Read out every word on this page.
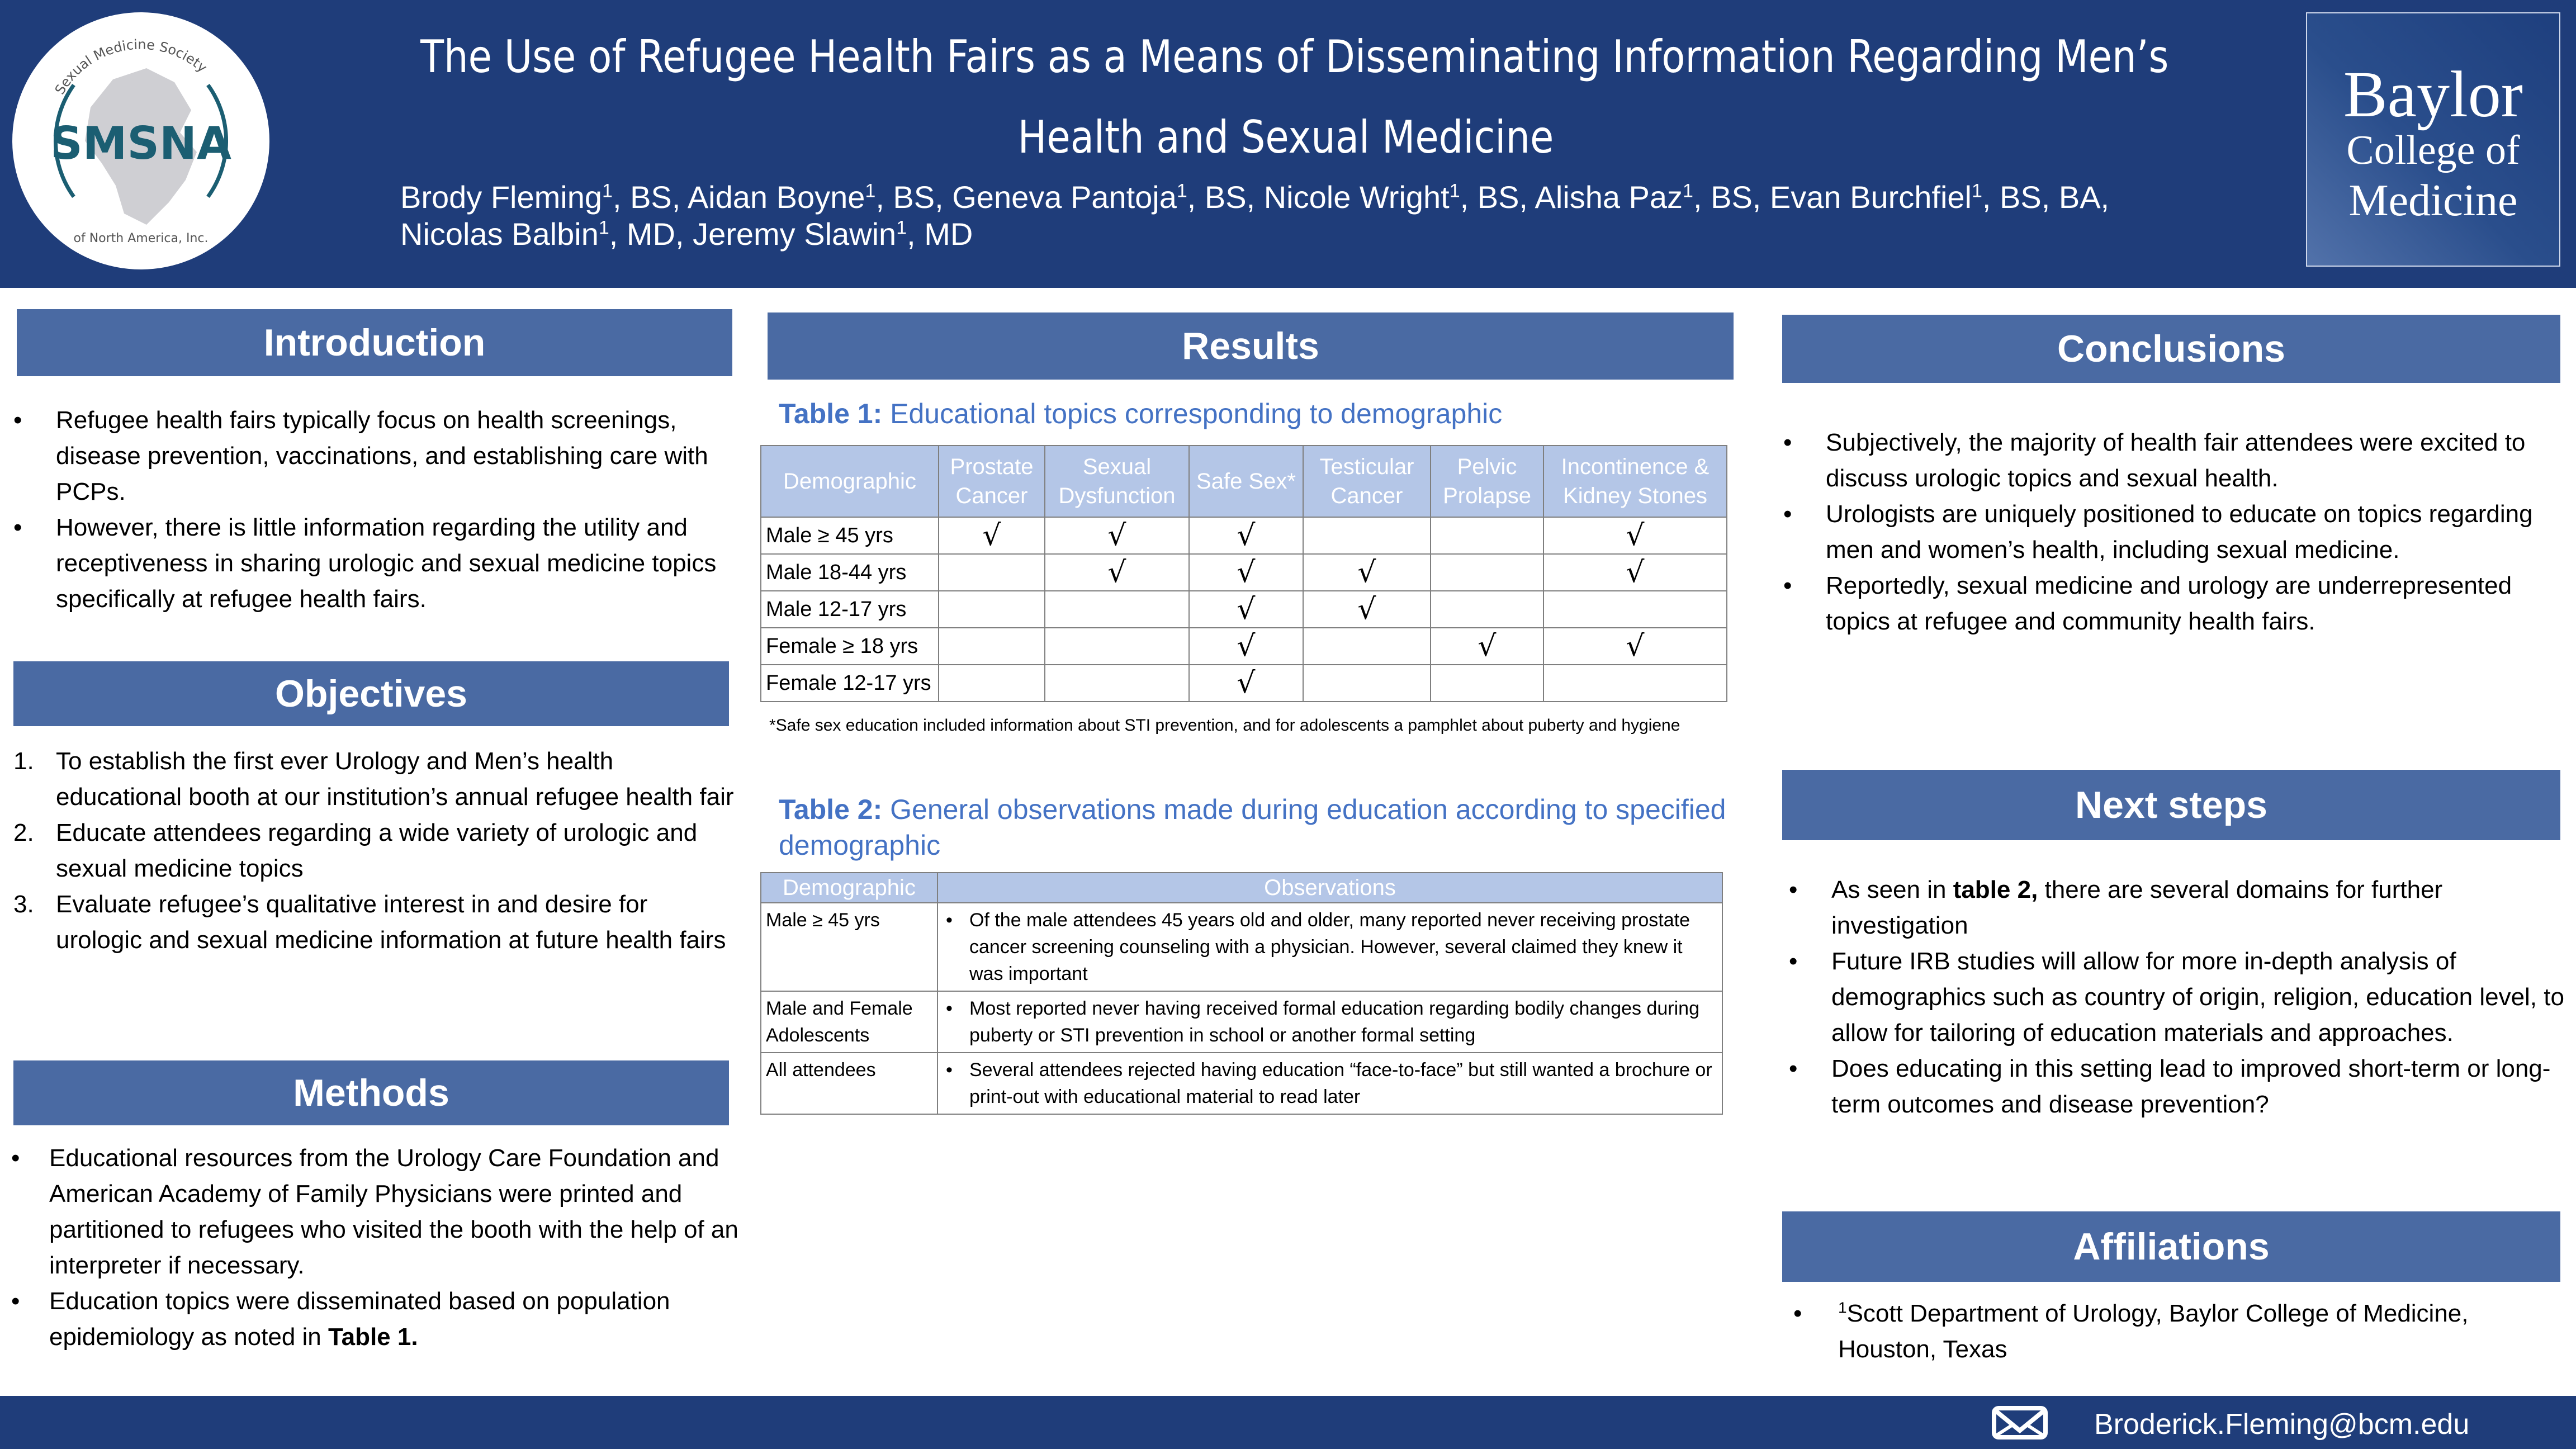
Sexual Medicine Society
SMSNA
of North America, Inc.
The Use of Refugee Health Fairs as a Means of Disseminating Information Regarding Men’s
Health and Sexual Medicine
Brody Fleming$^1$, BS, Aidan Boyne$^1$, BS, Geneva Pantoja$^1$, BS, Nicole Wright$^1$, BS, Alisha Paz$^1$, BS, Evan Burchfiel$^1$, BS, BA,
Nicolas Balbin$^1$, MD, Jeremy Slawin$^1$, MD
Baylor
College of
Medicine
Introduction
• Refugee health fairs typically focus on health screenings, disease prevention, vaccinations, and establishing care with PCPs.
• However, there is little information regarding the utility and receptiveness in sharing urologic and sexual medicine topics specifically at refugee health fairs.
Objectives
1. To establish the first ever Urology and Men’s health educational booth at our institution’s annual refugee health fair
2. Educate attendees regarding a wide variety of urologic and sexual medicine topics
3. Evaluate refugee’s qualitative interest in and desire for urologic and sexual medicine information at future health fairs
Methods
• Educational resources from the Urology Care Foundation and American Academy of Family Physicians were printed and partitioned to refugees who visited the booth with the help of an interpreter if necessary.
• Education topics were disseminated based on population epidemiology as noted in Table 1.
Results
Table 1: Educational topics corresponding to demographic
Demographic	Prostate Cancer	Sexual Dysfunction	Safe Sex*	Testicular Cancer	Pelvic Prolapse	Incontinence & Kidney Stones
Male ≥ 45 yrs	√	√	√			√
Male 18-44 yrs		√	√	√		√
Male 12-17 yrs			√	√		
Female ≥ 18 yrs			√		√	√
Female 12-17 yrs			√			
*Safe sex education included information about STI prevention, and for adolescents a pamphlet about puberty and hygiene
Table 2: General observations made during education according to specified demographic
Demographic	Observations
Male ≥ 45 yrs	• Of the male attendees 45 years old and older, many reported never receiving prostate cancer screening counseling with a physician. However, several claimed they knew it was important
Male and Female Adolescents	• Most reported never having received formal education regarding bodily changes during puberty or STI prevention in school or another formal setting
All attendees	• Several attendees rejected having education “face-to-face” but still wanted a brochure or print-out with educational material to read later
Conclusions
• Subjectively, the majority of health fair attendees were excited to discuss urologic topics and sexual health.
• Urologists are uniquely positioned to educate on topics regarding men and women’s health, including sexual medicine.
• Reportedly, sexual medicine and urology are underrepresented topics at refugee and community health fairs.
Next steps
• As seen in table 2, there are several domains for further investigation
• Future IRB studies will allow for more in-depth analysis of demographics such as country of origin, religion, education level, to allow for tailoring of education materials and approaches.
• Does educating in this setting lead to improved short-term or long-term outcomes and disease prevention?
Affiliations
• $^1$Scott Department of Urology, Baylor College of Medicine, Houston, Texas
Broderick.Fleming@bcm.edu
